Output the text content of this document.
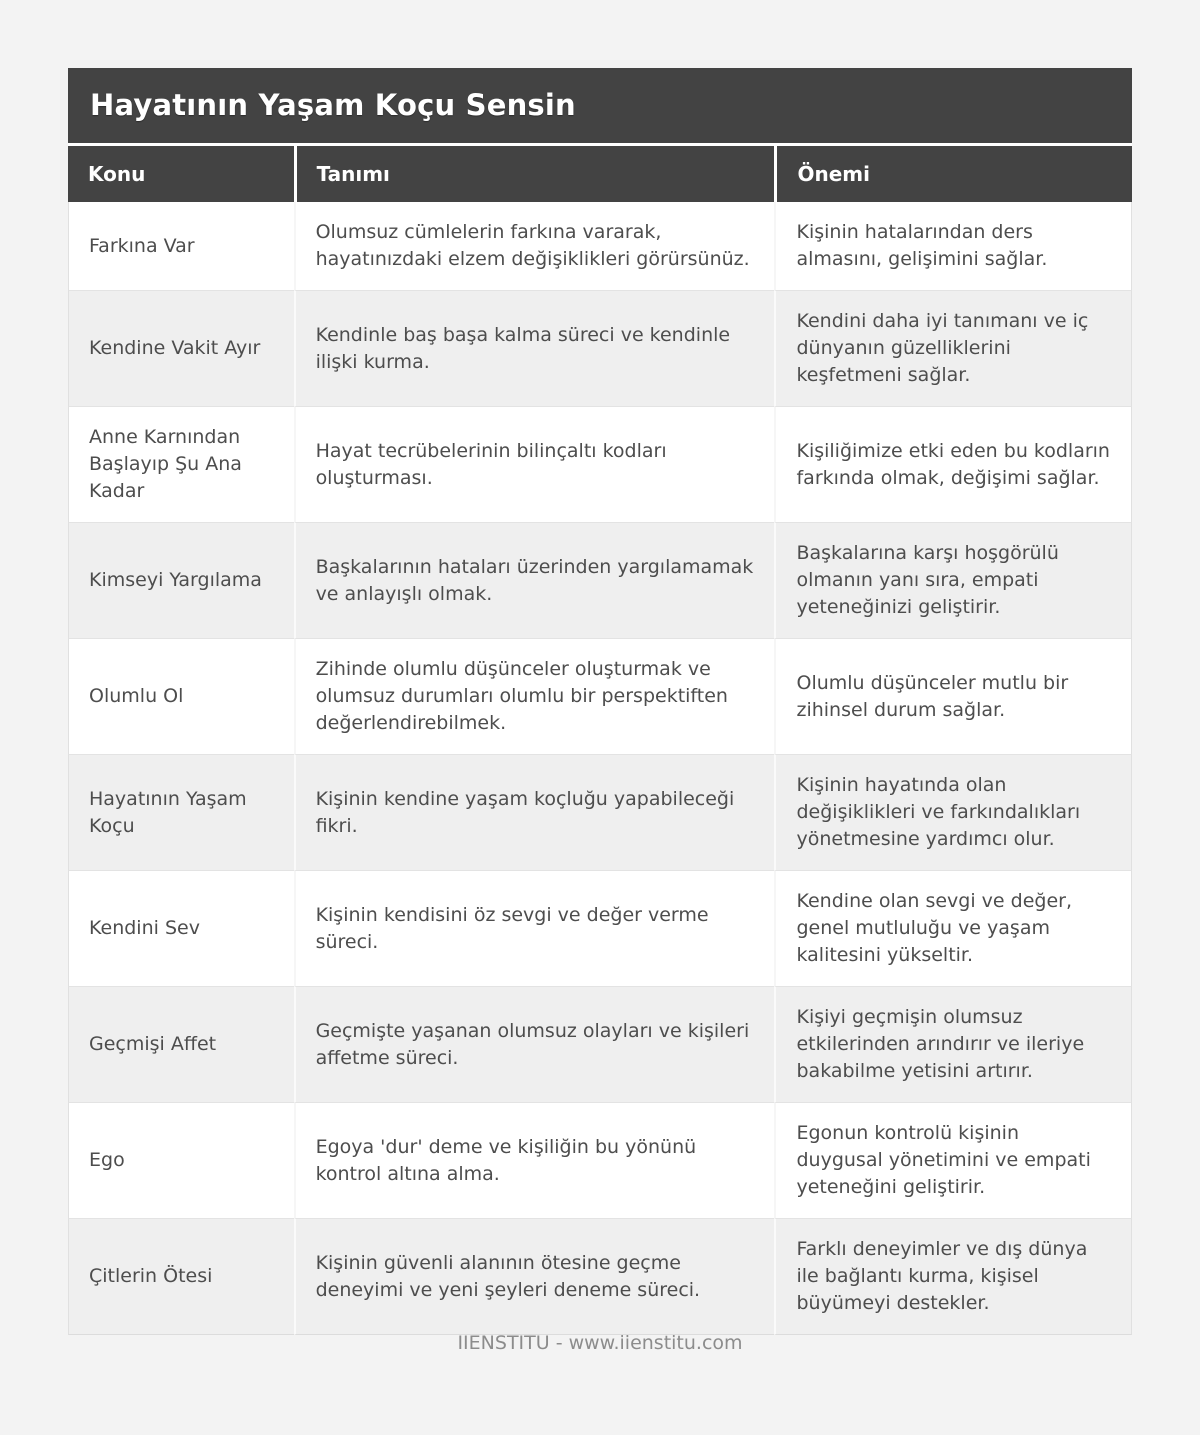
Hayatının Yaşam Koçu Sensin
Konu	Tanımı	Önemi
Farkına Var	Olumsuz cümlelerin farkına vararak, hayatınızdaki elzem değişiklikleri görürsünüz.	Kişinin hatalarından ders almasını, gelişimini sağlar.
Kendine Vakit Ayır	Kendinle baş başa kalma süreci ve kendinle ilişki kurma.	Kendini daha iyi tanımanı ve iç dünyanın güzelliklerini keşfetmeni sağlar.
Anne Karnından Başlayıp Şu Ana Kadar	Hayat tecrübelerinin bilinçaltı kodları oluşturması.	Kişiliğimize etki eden bu kodların farkında olmak, değişimi sağlar.
Kimseyi Yargılama	Başkalarının hataları üzerinden yargılamamak ve anlayışlı olmak.	Başkalarına karşı hoşgörülü olmanın yanı sıra, empati yeteneğinizi geliştirir.
Olumlu Ol	Zihinde olumlu düşünceler oluşturmak ve olumsuz durumları olumlu bir perspektiften değerlendirebilmek.	Olumlu düşünceler mutlu bir zihinsel durum sağlar.
Hayatının Yaşam Koçu	Kişinin kendine yaşam koçluğu yapabileceği fikri.	Kişinin hayatında olan değişiklikleri ve farkındalıkları yönetmesine yardımcı olur.
Kendini Sev	Kişinin kendisini öz sevgi ve değer verme süreci.	Kendine olan sevgi ve değer, genel mutluluğu ve yaşam kalitesini yükseltir.
Geçmişi Affet	Geçmişte yaşanan olumsuz olayları ve kişileri affetme süreci.	Kişiyi geçmişin olumsuz etkilerinden arındırır ve ileriye bakabilme yetisini artırır.
Ego	Egoya 'dur' deme ve kişiliğin bu yönünü kontrol altına alma.	Egonun kontrolü kişinin duygusal yönetimini ve empati yeteneğini geliştirir.
Çitlerin Ötesi	Kişinin güvenli alanının ötesine geçme deneyimi ve yeni şeyleri deneme süreci.	Farklı deneyimler ve dış dünya ile bağlantı kurma, kişisel büyümeyi destekler.
IIENSTITU - www.iienstitu.com
